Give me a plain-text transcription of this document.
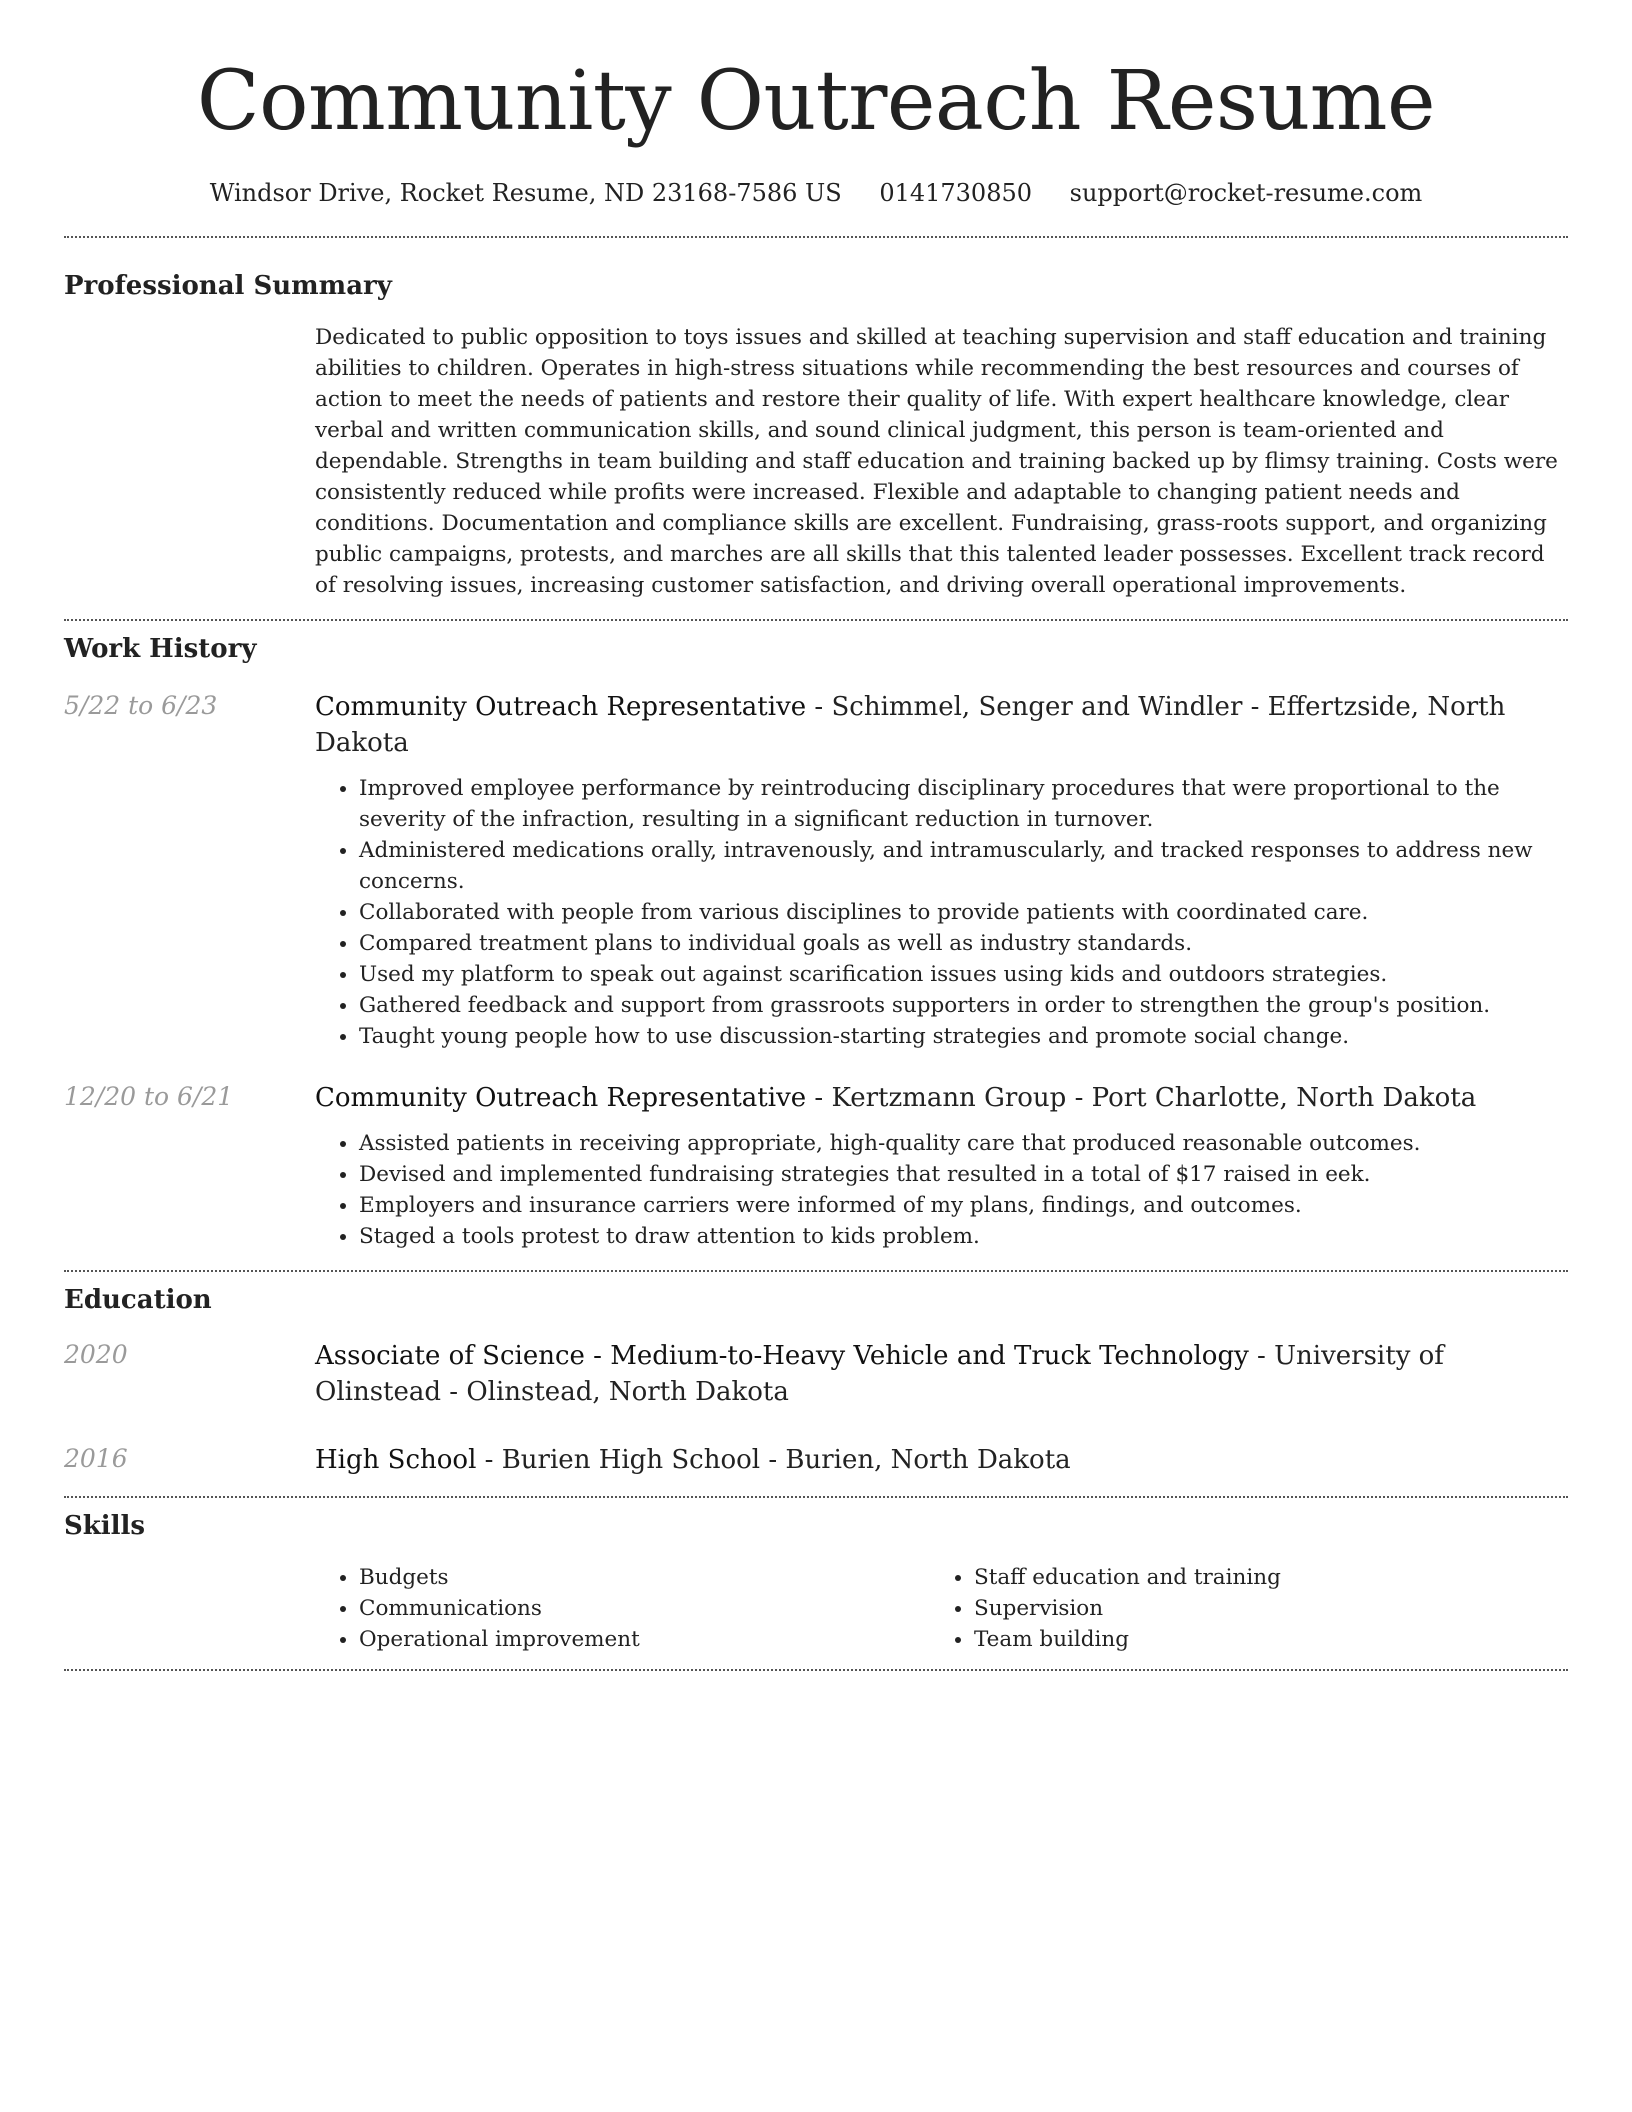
Community Outreach Resume
Windsor Drive, Rocket Resume, ND 23168-7586 US 0141730850 support@rocket-resume.com
Professional Summary

Dedicated to public opposition to toys issues and skilled at teaching supervision and staff education and training abilities to children. Operates in high-stress situations while recommending the best resources and courses of action to meet the needs of patients and restore their quality of life. With expert healthcare knowledge, clear verbal and written communication skills, and sound clinical judgment, this person is team-oriented and dependable. Strengths in team building and staff education and training backed up by flimsy training. Costs were consistently reduced while profits were increased. Flexible and adaptable to changing patient needs and conditions. Documentation and compliance skills are excellent. Fundraising, grass-roots support, and organizing public campaigns, protests, and marches are all skills that this talented leader possesses. Excellent track record of resolving issues, increasing customer satisfaction, and driving overall operational improvements.

Work History
5/22 to 6/23	Community Outreach Representative - Schimmel, Senger and Windler - Effertzside, North Dakota
• Improved employee performance by reintroducing disciplinary procedures that were proportional to the severity of the infraction, resulting in a significant reduction in turnover.
• Administered medications orally, intravenously, and intramuscularly, and tracked responses to address new concerns.
• Collaborated with people from various disciplines to provide patients with coordinated care.
• Compared treatment plans to individual goals as well as industry standards.
• Used my platform to speak out against scarification issues using kids and outdoors strategies.
• Gathered feedback and support from grassroots supporters in order to strengthen the group's position.
• Taught young people how to use discussion-starting strategies and promote social change.
12/20 to 6/21	Community Outreach Representative - Kertzmann Group - Port Charlotte, North Dakota
• Assisted patients in receiving appropriate, high-quality care that produced reasonable outcomes.
• Devised and implemented fundraising strategies that resulted in a total of $17 raised in eek.
• Employers and insurance carriers were informed of my plans, findings, and outcomes.
• Staged a tools protest to draw attention to kids problem.
Education
2020	Associate of Science - Medium-to-Heavy Vehicle and Truck Technology - University of Olinstead - Olinstead, North Dakota
2016	High School - Burien High School - Burien, North Dakota
Skills
• Budgets
• Communications
• Operational improvement
• Staff education and training
• Supervision
• Team building
